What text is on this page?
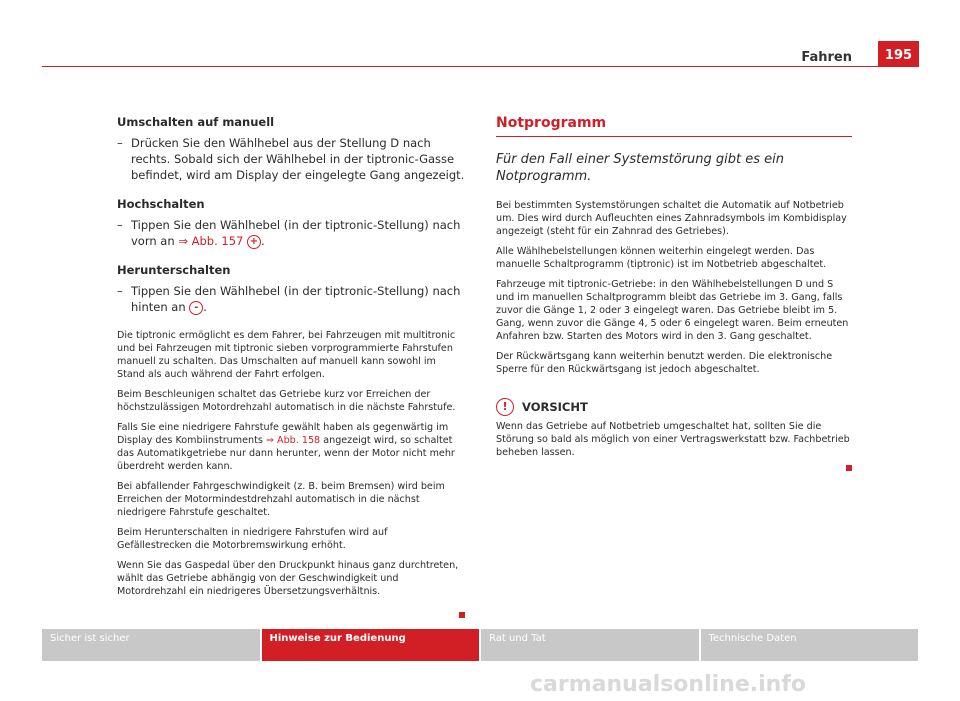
Fahren	195
Umschalten auf manuell
– Drücken Sie den Wählhebel aus der Stellung D nach rechts. Sobald sich der Wählhebel in der tiptronic-Gasse befindet, wird am Display der eingelegte Gang angezeigt.
Hochschalten
– Tippen Sie den Wählhebel (in der tiptronic-Stellung) nach vorn an ⇒ Abb. 157 + .
Herunterschalten
– Tippen Sie den Wählhebel (in der tiptronic-Stellung) nach hinten an - .

Die tiptronic ermöglicht es dem Fahrer, bei Fahrzeugen mit multitronic und bei Fahrzeugen mit tiptronic sieben vorprogrammierte Fahrstufen manuell zu schalten. Das Umschalten auf manuell kann sowohl im Stand als auch während der Fahrt erfolgen.

Beim Beschleunigen schaltet das Getriebe kurz vor Erreichen der höchstzulässigen Motordrehzahl automatisch in die nächste Fahrstufe.

Falls Sie eine niedrigere Fahrstufe gewählt haben als gegenwärtig im Display des Kombiinstruments ⇒ Abb. 158 angezeigt wird, so schaltet das Automatikgetriebe nur dann herunter, wenn der Motor nicht mehr überdreht werden kann.

Bei abfallender Fahrgeschwindigkeit (z. B. beim Bremsen) wird beim Erreichen der Motormindestdrehzahl automatisch in die nächst niedrigere Fahrstufe geschaltet.

Beim Herunterschalten in niedrigere Fahrstufen wird auf Gefällestrecken die Motorbremswirkung erhöht.

Wenn Sie das Gaspedal über den Druckpunkt hinaus ganz durchtreten, wählt das Getriebe abhängig von der Geschwindigkeit und Motordrehzahl ein niedrigeres Übersetzungsverhältnis.

Notprogramm
Für den Fall einer Systemstörung gibt es ein Notprogramm.

Bei bestimmten Systemstörungen schaltet die Automatik auf Notbetrieb um. Dies wird durch Aufleuchten eines Zahnradsymbols im Kombidisplay angezeigt (steht für ein Zahnrad des Getriebes).

Alle Wählhebelstellungen können weiterhin eingelegt werden. Das manuelle Schaltprogramm (tiptronic) ist im Notbetrieb abgeschaltet.

Fahrzeuge mit tiptronic-Getriebe: in den Wählhebelstellungen D und S und im manuellen Schaltprogramm bleibt das Getriebe im 3. Gang, falls zuvor die Gänge 1, 2 oder 3 eingelegt waren. Das Getriebe bleibt im 5. Gang, wenn zuvor die Gänge 4, 5 oder 6 eingelegt waren. Beim erneuten Anfahren bzw. Starten des Motors wird in den 3. Gang geschaltet.

Der Rückwärtsgang kann weiterhin benutzt werden. Die elektronische Sperre für den Rückwärtsgang ist jedoch abgeschaltet.

!	VORSICHT

Wenn das Getriebe auf Notbetrieb umgeschaltet hat, sollten Sie die Störung so bald als möglich von einer Vertragswerkstatt bzw. Fachbetrieb beheben lassen.

Sicher ist sicher	Hinweise zur Bedienung	Rat und Tat	Technische Daten
carmanualsonline.info
